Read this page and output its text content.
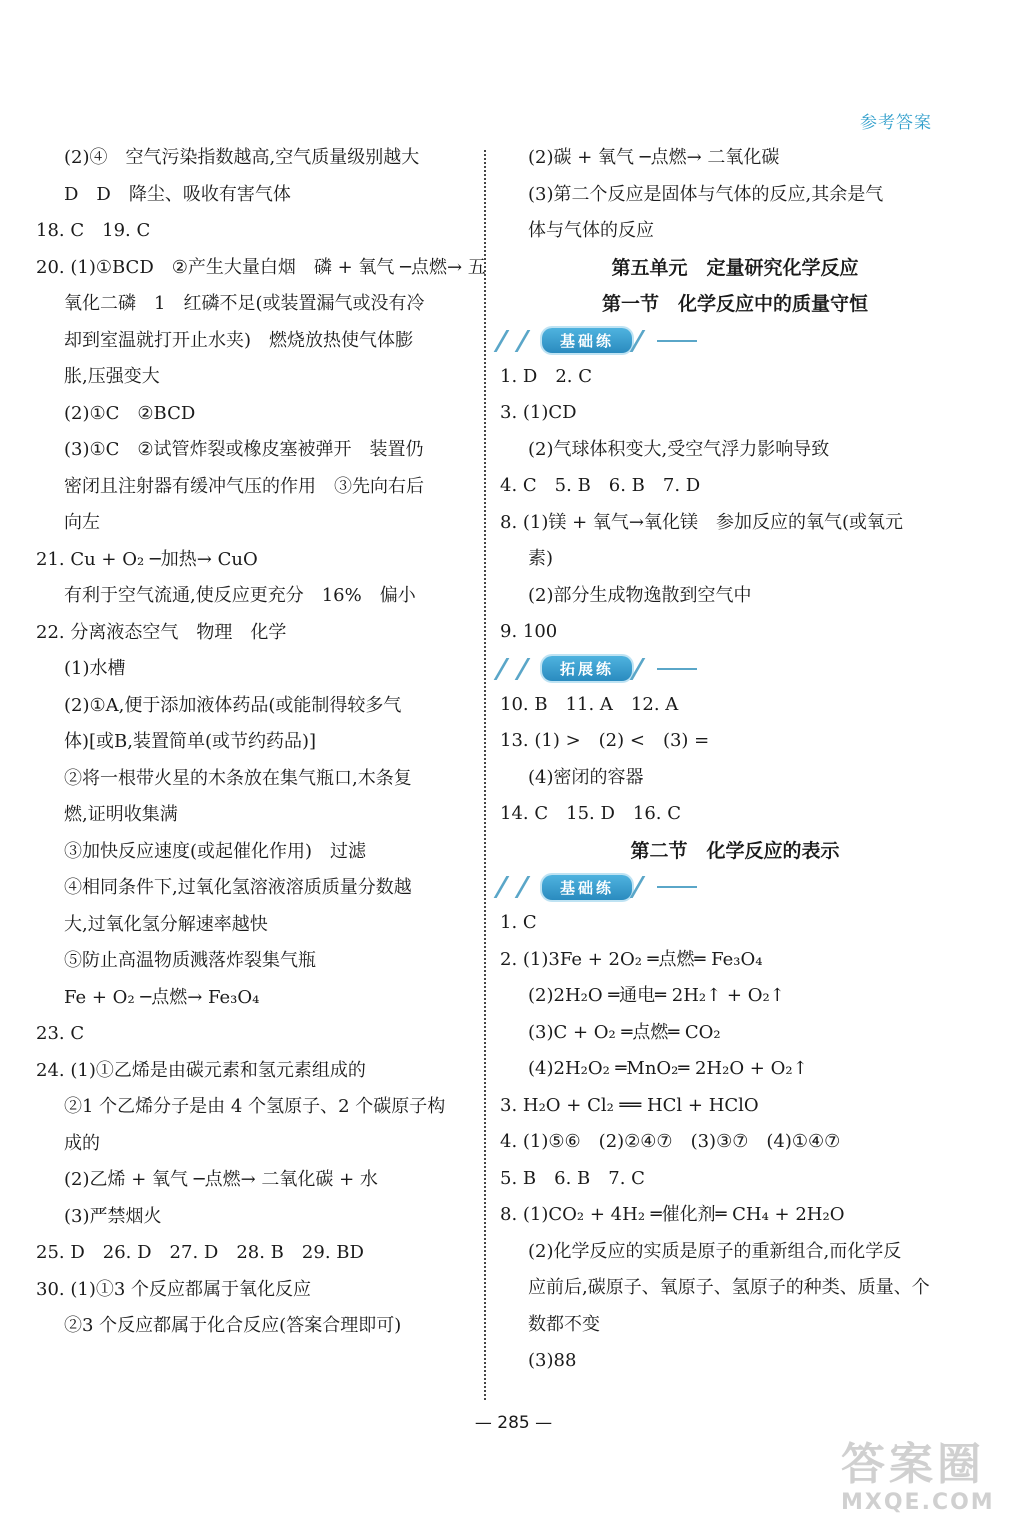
参考答案
(2)④　空气污染指数越高,空气质量级别越大
D　D　降尘、吸收有害气体
18. C　19. C
20. (1)①BCD　②产生大量白烟　磷 + 氧气 ─点燃→ 五
氧化二磷　1　红磷不足(或装置漏气或没有冷
却到室温就打开止水夹)　燃烧放热使气体膨
胀,压强变大
(2)①C　②BCD
(3)①C　②试管炸裂或橡皮塞被弹开　装置仍
密闭且注射器有缓冲气压的作用　③先向右后
向左
21. Cu + O₂ ─加热→ CuO
有利于空气流通,使反应更充分　16%　偏小
22. 分离液态空气　物理　化学
(1)水槽
(2)①A,便于添加液体药品(或能制得较多气
体)[或B,装置简单(或节约药品)]
②将一根带火星的木条放在集气瓶口,木条复
燃,证明收集满
③加快反应速度(或起催化作用)　过滤
④相同条件下,过氧化氢溶液溶质质量分数越
大,过氧化氢分解速率越快
⑤防止高温物质溅落炸裂集气瓶
Fe + O₂ ─点燃→ Fe₃O₄
23. C
24. (1)①乙烯是由碳元素和氢元素组成的
②1 个乙烯分子是由 4 个氢原子、2 个碳原子构
成的
(2)乙烯 + 氧气 ─点燃→ 二氧化碳 + 水
(3)严禁烟火
25. D　26. D　27. D　28. B　29. BD
30. (1)①3 个反应都属于氧化反应
②3 个反应都属于化合反应(答案合理即可)
(2)碳 + 氧气 ─点燃→ 二氧化碳
(3)第二个反应是固体与气体的反应,其余是气
体与气体的反应
第五单元　定量研究化学反应
第一节　化学反应中的质量守恒
基础练
1. D　2. C
3. (1)CD
(2)气球体积变大,受空气浮力影响导致
4. C　5. B　6. B　7. D
8. (1)镁 + 氧气→氧化镁　参加反应的氧气(或氧元
素)
(2)部分生成物逸散到空气中
9. 100
拓展练
10. B　11. A　12. A
13. (1) >　(2) <　(3) =
(4)密闭的容器
14. C　15. D　16. C
第二节　化学反应的表示
基础练
1. C
2. (1)3Fe + 2O₂ ═点燃═ Fe₃O₄
(2)2H₂O ═通电═ 2H₂↑ + O₂↑
(3)C + O₂ ═点燃═ CO₂
(4)2H₂O₂ ═MnO₂═ 2H₂O + O₂↑
3. H₂O + Cl₂ ══ HCl + HClO
4. (1)⑤⑥　(2)②④⑦　(3)③⑦　(4)①④⑦
5. B　6. B　7. C
8. (1)CO₂ + 4H₂ ═催化剂═ CH₄ + 2H₂O
(2)化学反应的实质是原子的重新组合,而化学反
应前后,碳原子、氧原子、氢原子的种类、质量、个
数都不变
(3)88
— 285 —
答案圈
MXQE.COM
